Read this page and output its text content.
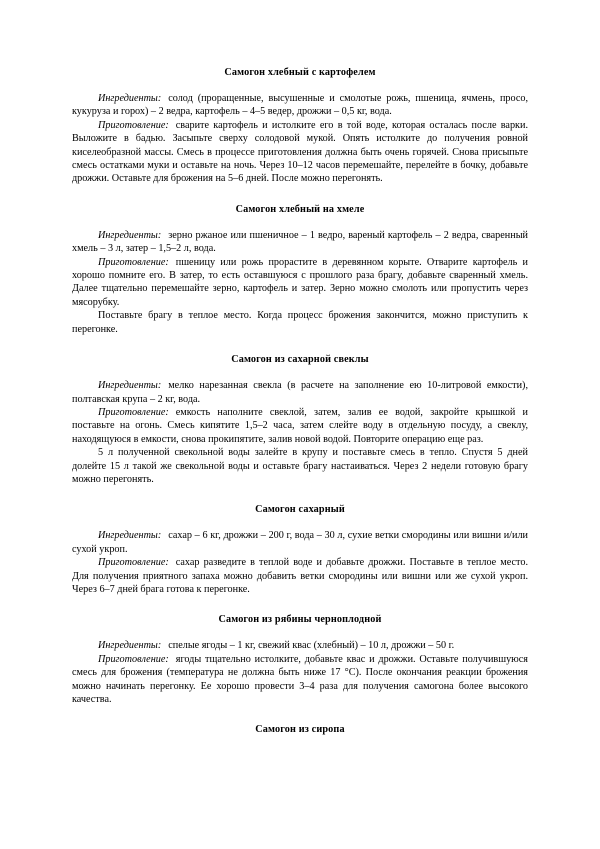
Самогон хлебный с картофелем

Ингредиенты: солод (проращенные, высушенные и смолотые рожь, пшеница, ячмень, просо, кукуруза и горох) – 2 ведра, картофель – 4–5 ведер, дрожжи – 0,5 кг, вода.

Приготовление: сварите картофель и истолките его в той воде, которая осталась после варки. Выложите в бадью. Засыпьте сверху солодовой мукой. Опять истолките до получения ровной киселеобразной массы. Смесь в процессе приготовления должна быть очень горячей. Снова присыпьте смесь остатками муки и оставьте на ночь. Через 10–12 часов перемешайте, перелейте в бочку, добавьте дрожжи. Оставьте для брожения на 5–6 дней. После можно перегонять.

Самогон хлебный на хмеле

Ингредиенты: зерно ржаное или пшеничное – 1 ведро, вареный картофель – 2 ведра, сваренный хмель – 3 л, затер – 1,5–2 л, вода.

Приготовление: пшеницу или рожь прорастите в деревянном корыте. Отварите картофель и хорошо помните его. В затер, то есть оставшуюся с прошлого раза брагу, добавьте сваренный хмель. Далее тщательно перемешайте зерно, картофель и затер. Зерно можно смолоть или пропустить через мясорубку.

Поставьте брагу в теплое место. Когда процесс брожения закончится, можно приступить к перегонке.

Самогон из сахарной свеклы

Ингредиенты: мелко нарезанная свекла (в расчете на заполнение ею 10-литровой емкости), полтавская крупа – 2 кг, вода.

Приготовление: емкость наполните свеклой, затем, залив ее водой, закройте крышкой и поставьте на огонь. Смесь кипятите 1,5–2 часа, затем слейте воду в отдельную посуду, а свеклу, находящуюся в емкости, снова прокипятите, залив новой водой. Повторите операцию еще раз.

5 л полученной свекольной воды залейте в крупу и поставьте смесь в тепло. Спустя 5 дней долейте 15 л такой же свекольной воды и оставьте брагу настаиваться. Через 2 недели готовую брагу можно перегонять.

Самогон сахарный

Ингредиенты: сахар – 6 кг, дрожжи – 200 г, вода – 30 л, сухие ветки смородины или вишни и/или сухой укроп.

Приготовление: сахар разведите в теплой воде и добавьте дрожжи. Поставьте в теплое место. Для получения приятного запаха можно добавить ветки смородины или вишни или же сухой укроп. Через 6–7 дней брага готова к перегонке.

Самогон из рябины черноплодной

Ингредиенты: спелые ягоды – 1 кг, свежий квас (хлебный) – 10 л, дрожжи – 50 г.

Приготовление: ягоды тщательно истолките, добавьте квас и дрожжи. Оставьте получившуюся смесь для брожения (температура не должна быть ниже 17 °C). После окончания реакции брожения можно начинать перегонку. Ее хорошо провести 3–4 раза для получения самогона более высокого качества.

Самогон из сиропа
